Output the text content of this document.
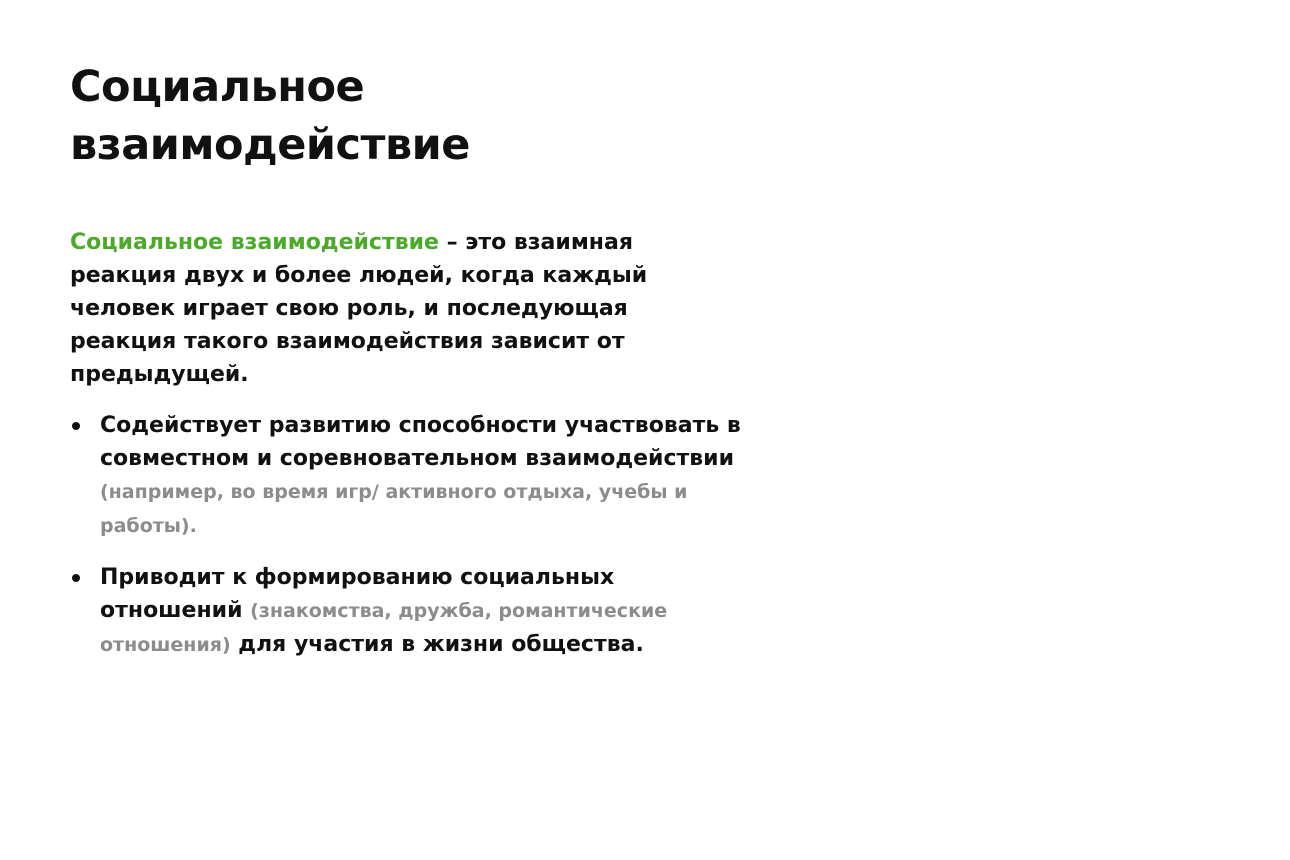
Социальное
взаимодействие

Социальное взаимодействие – это взаимная реакция двух и более людей, когда каждый человек играет свою роль, и последующая реакция такого взаимодействия зависит от предыдущей.

Содействует развитию способности участвовать в совместном и соревновательном взаимодействии (например, во время игр/ активного отдыха, учебы и работы).
Приводит к формированию социальных отношений (знакомства, дружба, романтические отношения) для участия в жизни общества.
